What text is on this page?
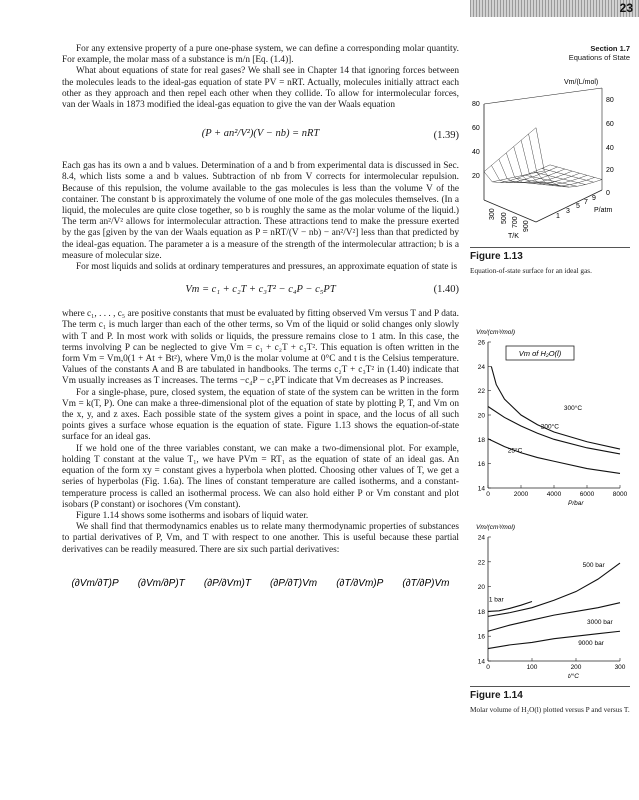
23
Section 1.7
Equations of State

For any extensive property of a pure one-phase system, we can define a corresponding molar quantity. For example, the molar mass of a substance is m/n [Eq. (1.4)].

What about equations of state for real gases? We shall see in Chapter 14 that ignoring forces between the molecules leads to the ideal-gas equation of state PV = nRT. Actually, molecules initially attract each other as they approach and then repel each other when they collide. To allow for intermolecular forces, van der Waals in 1873 modified the ideal-gas equation to give the van der Waals equation

(P + an²/V²)(V − nb) = nRT	(1.39)

Each gas has its own a and b values. Determination of a and b from experimental data is discussed in Sec. 8.4, which lists some a and b values. Subtraction of nb from V corrects for intermolecular repulsion. Because of this repulsion, the volume available to the gas molecules is less than the volume V of the container. The constant b is approximately the volume of one mole of the gas molecules themselves. (In a liquid, the molecules are quite close together, so b is roughly the same as the molar volume of the liquid.) The term an²/V² allows for intermolecular attraction. These attractions tend to make the pressure exerted by the gas [given by the van der Waals equation as P = nRT/(V − nb) − an²/V²] less than that predicted by the ideal-gas equation. The parameter a is a measure of the strength of the intermolecular attraction; b is a measure of molecular size.

For most liquids and solids at ordinary temperatures and pressures, an approximate equation of state is

Vm = c₁ + c₂T + c₃T² − c₄P − c₅PT	(1.40)

where c₁, . . . , c₅ are positive constants that must be evaluated by fitting observed Vm versus T and P data. The term c₁ is much larger than each of the other terms, so Vm of the liquid or solid changes only slowly with T and P. In most work with solids or liquids, the pressure remains close to 1 atm. In this case, the terms involving P can be neglected to give Vm = c₁ + c₂T + c₃T². This equation is often written in the form Vm = Vm,0(1 + At + Bt²), where Vm,0 is the molar volume at 0°C and t is the Celsius temperature. Values of the constants A and B are tabulated in handbooks. The terms c₂T + c₃T² in (1.40) indicate that Vm usually increases as T increases. The terms −c₄P − c₅PT indicate that Vm decreases as P increases.

For a single-phase, pure, closed system, the equation of state of the system can be written in the form Vm = k(T, P). One can make a three-dimensional plot of the equation of state by plotting P, T, and Vm on the x, y, and z axes. Each possible state of the system gives a point in space, and the locus of all such points gives a surface whose equation is the equation of state. Figure 1.13 shows the equation-of-state surface for an ideal gas.

If we hold one of the three variables constant, we can make a two-dimensional plot. For example, holding T constant at the value T₁, we have PVm = RT₁ as the equation of state of an ideal gas. An equation of the form xy = constant gives a hyperbola when plotted. Choosing other values of T, we get a series of hyperbolas (Fig. 1.6a). The lines of constant temperature are called isotherms, and a constant-temperature process is called an isothermal process. We can also hold either P or Vm constant and plot isobars (P constant) or isochores (Vm constant).

Figure 1.14 shows some isotherms and isobars of liquid water.

We shall find that thermodynamics enables us to relate many thermodynamic properties of substances to partial derivatives of P, Vm, and T with respect to one another. This is useful because these partial derivatives can be readily measured. There are six such partial derivatives:

(∂Vm/∂T)P (∂Vm/∂P)T (∂P/∂Vm)T (∂P/∂T)Vm (∂T/∂Vm)P (∂T/∂P)Vm
80
60
40
20
80
60
40
20
0
Vm/(L/mol)
300 500 700 900
T/K
1
3
5
7
9
P/atm
Figure 1.13
Equation-of-state surface for an ideal gas.
14
16
18
20
22
24
26
0	2000	4000	6000	8000
Vm/(cm³/mol)
P/bar
300°C
200°C
25°C
Vm of H₂O(l)

14
16
18
20
22
24
0	100	200	300
Vm/(cm³/mol)
t/°C
500 bar
1 bar
3000 bar
9000 bar
Figure 1.14
Molar volume of H₂O(l) plotted versus P and versus T.
